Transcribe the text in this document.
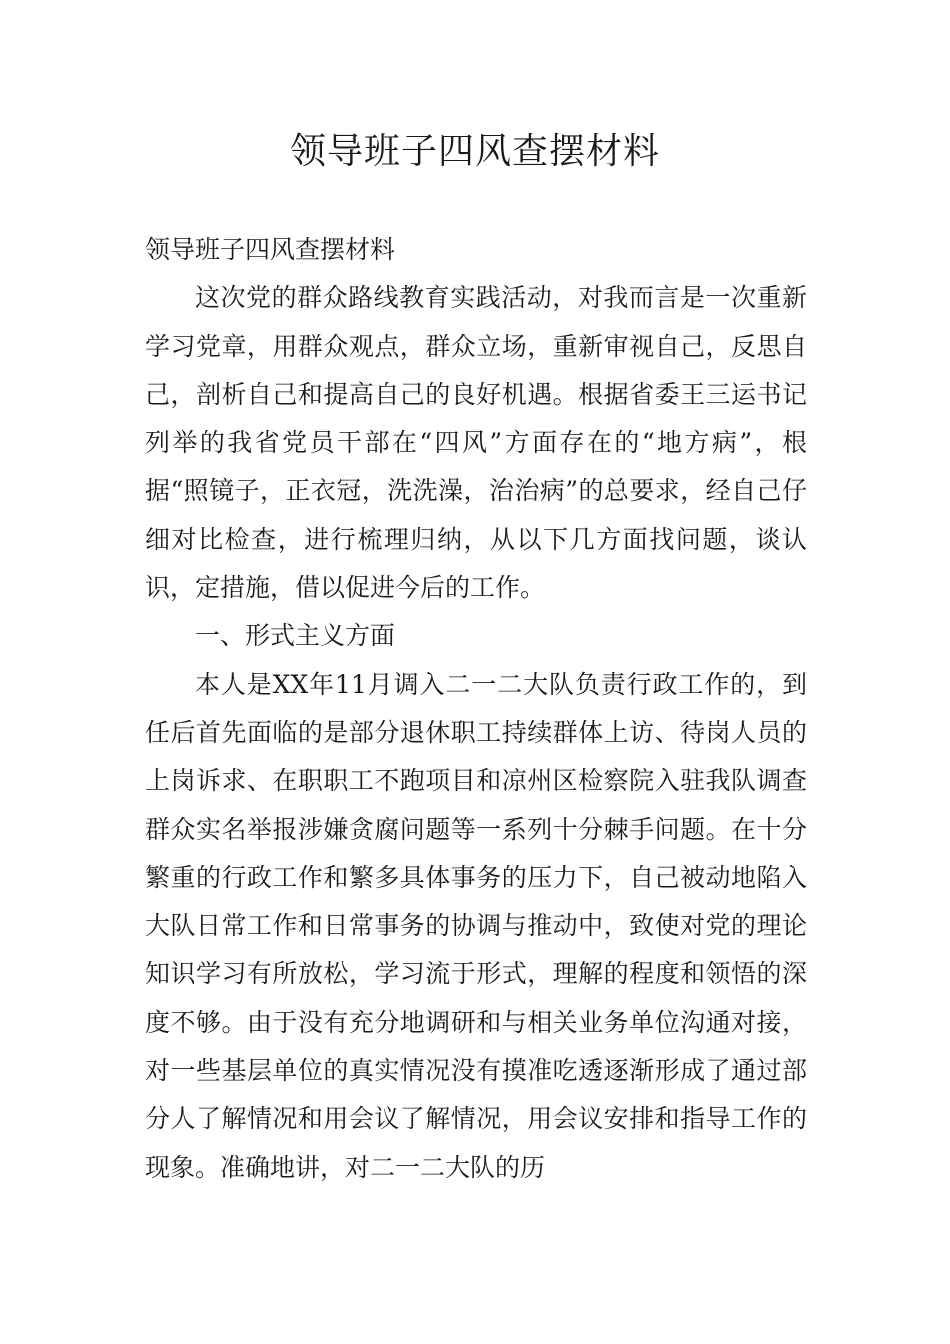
领导班子四风查摆材料

领导班子四风查摆材料

这次党的群众路线教育实践活动，对我而言是一次重新学习党章，用群众观点，群众立场，重新审视自己，反思自己，剖析自己和提高自己的良好机遇。根据省委王三运书记列举的我省党员干部在“四风”方面存在的“地方病”，根据“照镜子，正衣冠，洗洗澡，治治病”的总要求，经自己仔细对比检查，进行梳理归纳，从以下几方面找问题，谈认识，定措施，借以促进今后的工作。

一、形式主义方面

本人是XX年11月调入二一二大队负责行政工作的，到任后首先面临的是部分退休职工持续群体上访、待岗人员的上岗诉求、在职职工不跑项目和凉州区检察院入驻我队调查群众实名举报涉嫌贪腐问题等一系列十分棘手问题。在十分繁重的行政工作和繁多具体事务的压力下，自己被动地陷入大队日常工作和日常事务的协调与推动中，致使对党的理论知识学习有所放松，学习流于形式，理解的程度和领悟的深度不够。由于没有充分地调研和与相关业务单位沟通对接，对一些基层单位的真实情况没有摸准吃透逐渐形成了通过部分人了解情况和用会议了解情况，用会议安排和指导工作的现象。准确地讲，对二一二大队的历
